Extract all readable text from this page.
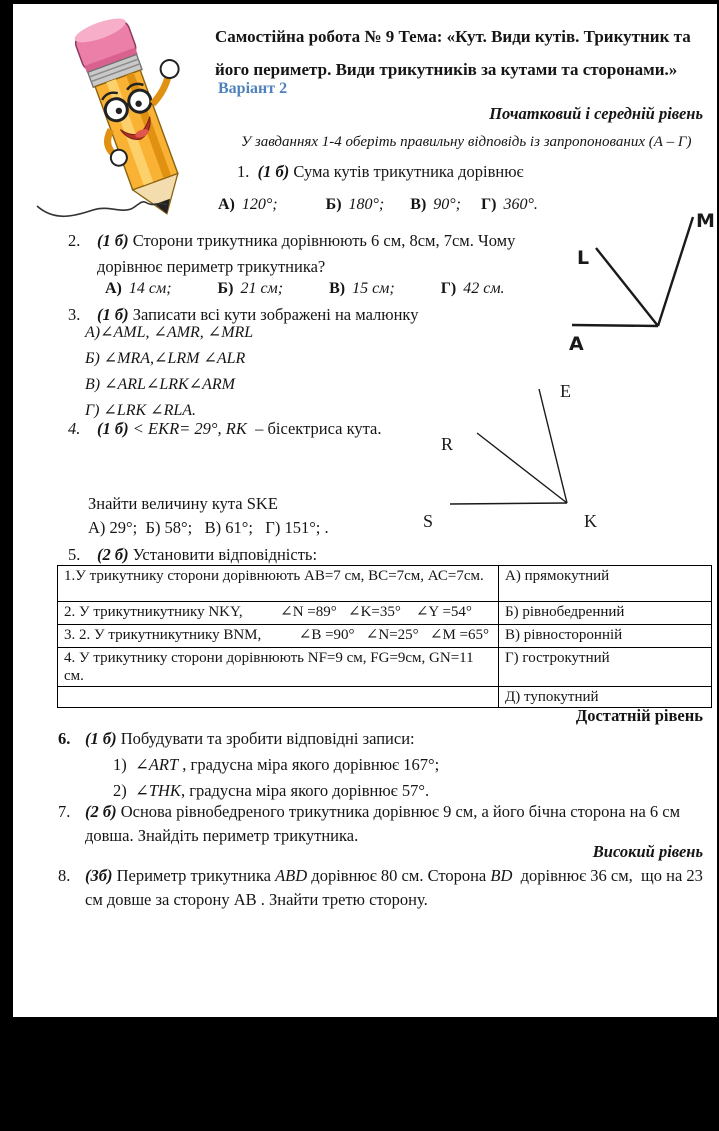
Самостійна робота № 9 Тема: «Кут. Види кутів. Трикутник та
його периметр. Види трикутників за кутами та сторонами.»
Варіант 2
Початковий і середній рівень
У завданнях 1-4 оберіть правильну відповідь із запропонованих (А – Г)
1. (1 б) Сума кутів трикутника дорівнює
А) 120°;	Б) 180°; В) 90°; Г) 360°.
2.	(1 б) Сторони трикутника дорівнюють 6 см, 8см, 7см. Чому дорівнює периметр трикутника?
А) 14 см;	Б) 21 см;	В) 15 см;	Г) 42 см.
3.	(1 б) Записати всі кути зображені на малюнку
А)∠AML, ∠AMR, ∠MRL
Б) ∠MRA,∠LRM ∠ALR
В) ∠ARL∠LRK∠ARM
Г) ∠LRK ∠RLA.
4.	(1 б) < EKR= 29°, RK  – бісектриса кута.
Знайти величину кута SKE
А) 29°;  Б) 58°;   В) 61°;   Г) 151°; .
5.	(2 б) Установити відповідність:
1.У трикутнику сторони дорівнюють АВ=7 см, ВС=7см, АС=7см.	А) прямокутний
2. У трикутникутнику NKY,          ∠N =89°   ∠K=35°    ∠Y =54°	Б) рівнобедренний
3. 2. У трикутникутнику BNM,          ∠B =90°   ∠N=25°   ∠M =65°	В) рівносторонній
4. У трикутнику сторони дорівнюють NF=9 см, FG=9см, GN=11 см.	Г) гострокутний
	Д) тупокутний
Достатній рівень
6. (1 б) Побудувати та зробити відповідні записи:
1)  ∠ART , градусна міра якого дорівнює 167°;
2)  ∠THK, градусна міра якого дорівнює 57°.
7. (2 б) Основа рівнобедреного трикутника дорівнює 9 см, а його бічна сторона на 6 см довша. Знайдіть периметр трикутника.
Високий рівень
8. (3б) Периметр трикутника ABD дорівнює 80 см. Сторона BD  дорівнює 36 см,  що на 23 см довше за сторону АВ . Знайти третю сторону.
M
L
A
E
R
S	K
